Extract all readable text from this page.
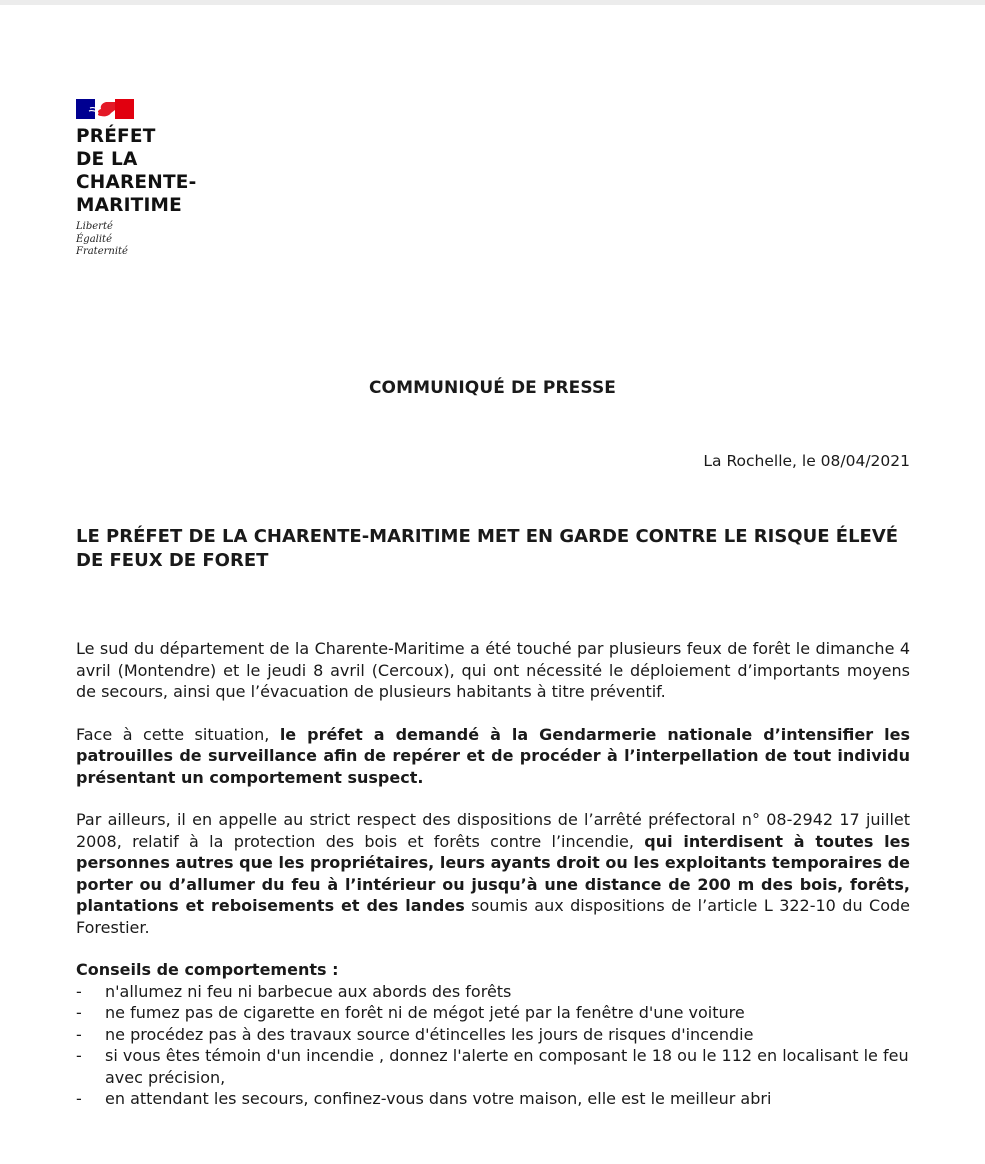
PRÉFET
DE LA
CHARENTE-
MARITIME
Liberté
Égalité
Fraternité
COMMUNIQUÉ DE PRESSE
La Rochelle, le 08/04/2021
LE PRÉFET DE LA CHARENTE-MARITIME MET EN GARDE CONTRE LE RISQUE ÉLEVÉ DE FEUX DE FORET

Le sud du département de la Charente-Maritime a été touché par plusieurs feux de forêt le dimanche 4 avril (Montendre) et le jeudi 8 avril (Cercoux), qui ont nécessité le déploiement d’importants moyens de secours, ainsi que l’évacuation de plusieurs habitants à titre préventif.

Face à cette situation, le préfet a demandé à la Gendarmerie nationale d’intensifier les patrouilles de surveillance afin de repérer et de procéder à l’interpellation de tout individu présentant un comportement suspect.

Par ailleurs, il en appelle au strict respect des dispositions de l’arrêté préfectoral n° 08-2942 17 juillet 2008, relatif à la protection des bois et forêts contre l’incendie, qui interdisent à toutes les personnes autres que les propriétaires, leurs ayants droit ou les exploitants temporaires de porter ou d’allumer du feu à l’intérieur ou jusqu’à une distance de 200 m des bois, forêts, plantations et reboisements et des landes soumis aux dispositions de l’article L 322-10 du Code Forestier.

Conseils de comportements :

- n'allumez ni feu ni barbecue aux abords des forêts
- ne fumez pas de cigarette en forêt ni de mégot jeté par la fenêtre d'une voiture
- ne procédez pas à des travaux source d'étincelles les jours de risques d'incendie
- si vous êtes témoin d'un incendie , donnez l'alerte en composant le 18 ou le 112 en localisant le feu avec précision,
- en attendant les secours, confinez-vous dans votre maison, elle est le meilleur abri
